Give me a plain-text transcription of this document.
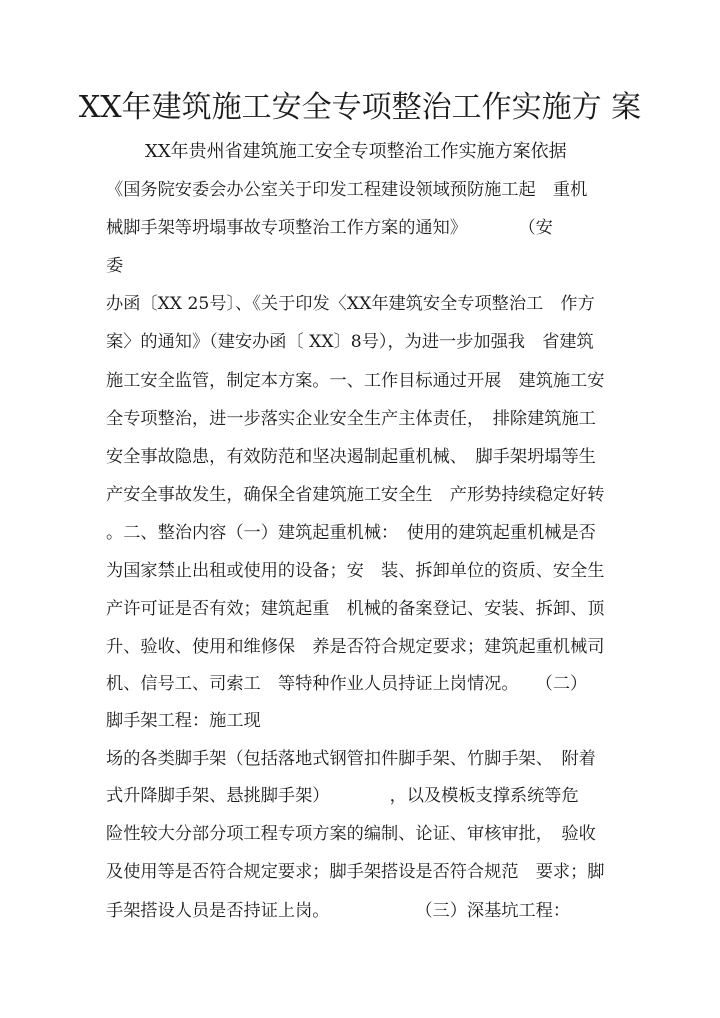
XX年建筑施工安全专项整治工作实施方 案
XX年贵州省建筑施工安全专项整治工作实施方案依据
《国务院安委会办公室关于印发工程建设领域预防施工起　重机
械脚手架等坍塌事故专项整治工作方案的通知》　　　　（安
委
办函〔XX 25号〕、《关于印发〈XX年建筑安全专项整治工　作方
案〉的通知》（建安办函〔 XX〕8号），为进一步加强我　省建筑
施工安全监管，制定本方案。一、工作目标通过开展　建筑施工安
全专项整治，进一步落实企业安全生产主体责任，　排除建筑施工
安全事故隐患，有效防范和坚决遏制起重机械、　脚手架坍塌等生
产安全事故发生，确保全省建筑施工安全生　产形势持续稳定好转
。二、整治内容（一）建筑起重机械：　使用的建筑起重机械是否
为国家禁止出租或使用的设备；安　装、拆卸单位的资质、安全生
产许可证是否有效；建筑起重　机械的备案登记、安装、拆卸、顶
升、验收、使用和维修保　养是否符合规定要求；建筑起重机械司
机、信号工、司索工　等特种作业人员持证上岗情况。　　（二）
脚手架工程：施工现
场的各类脚手架（包括落地式钢管扣件脚手架、竹脚手架、　附着
式升降脚手架、悬挑脚手架）　　　　，以及模板支撑系统等危
险性较大分部分项工程专项方案的编制、论证、审核审批，　验收
及使用等是否符合规定要求；脚手架搭设是否符合规范　要求；脚
手架搭设人员是否持证上岗。　　　　　　（三）深基坑工程：
